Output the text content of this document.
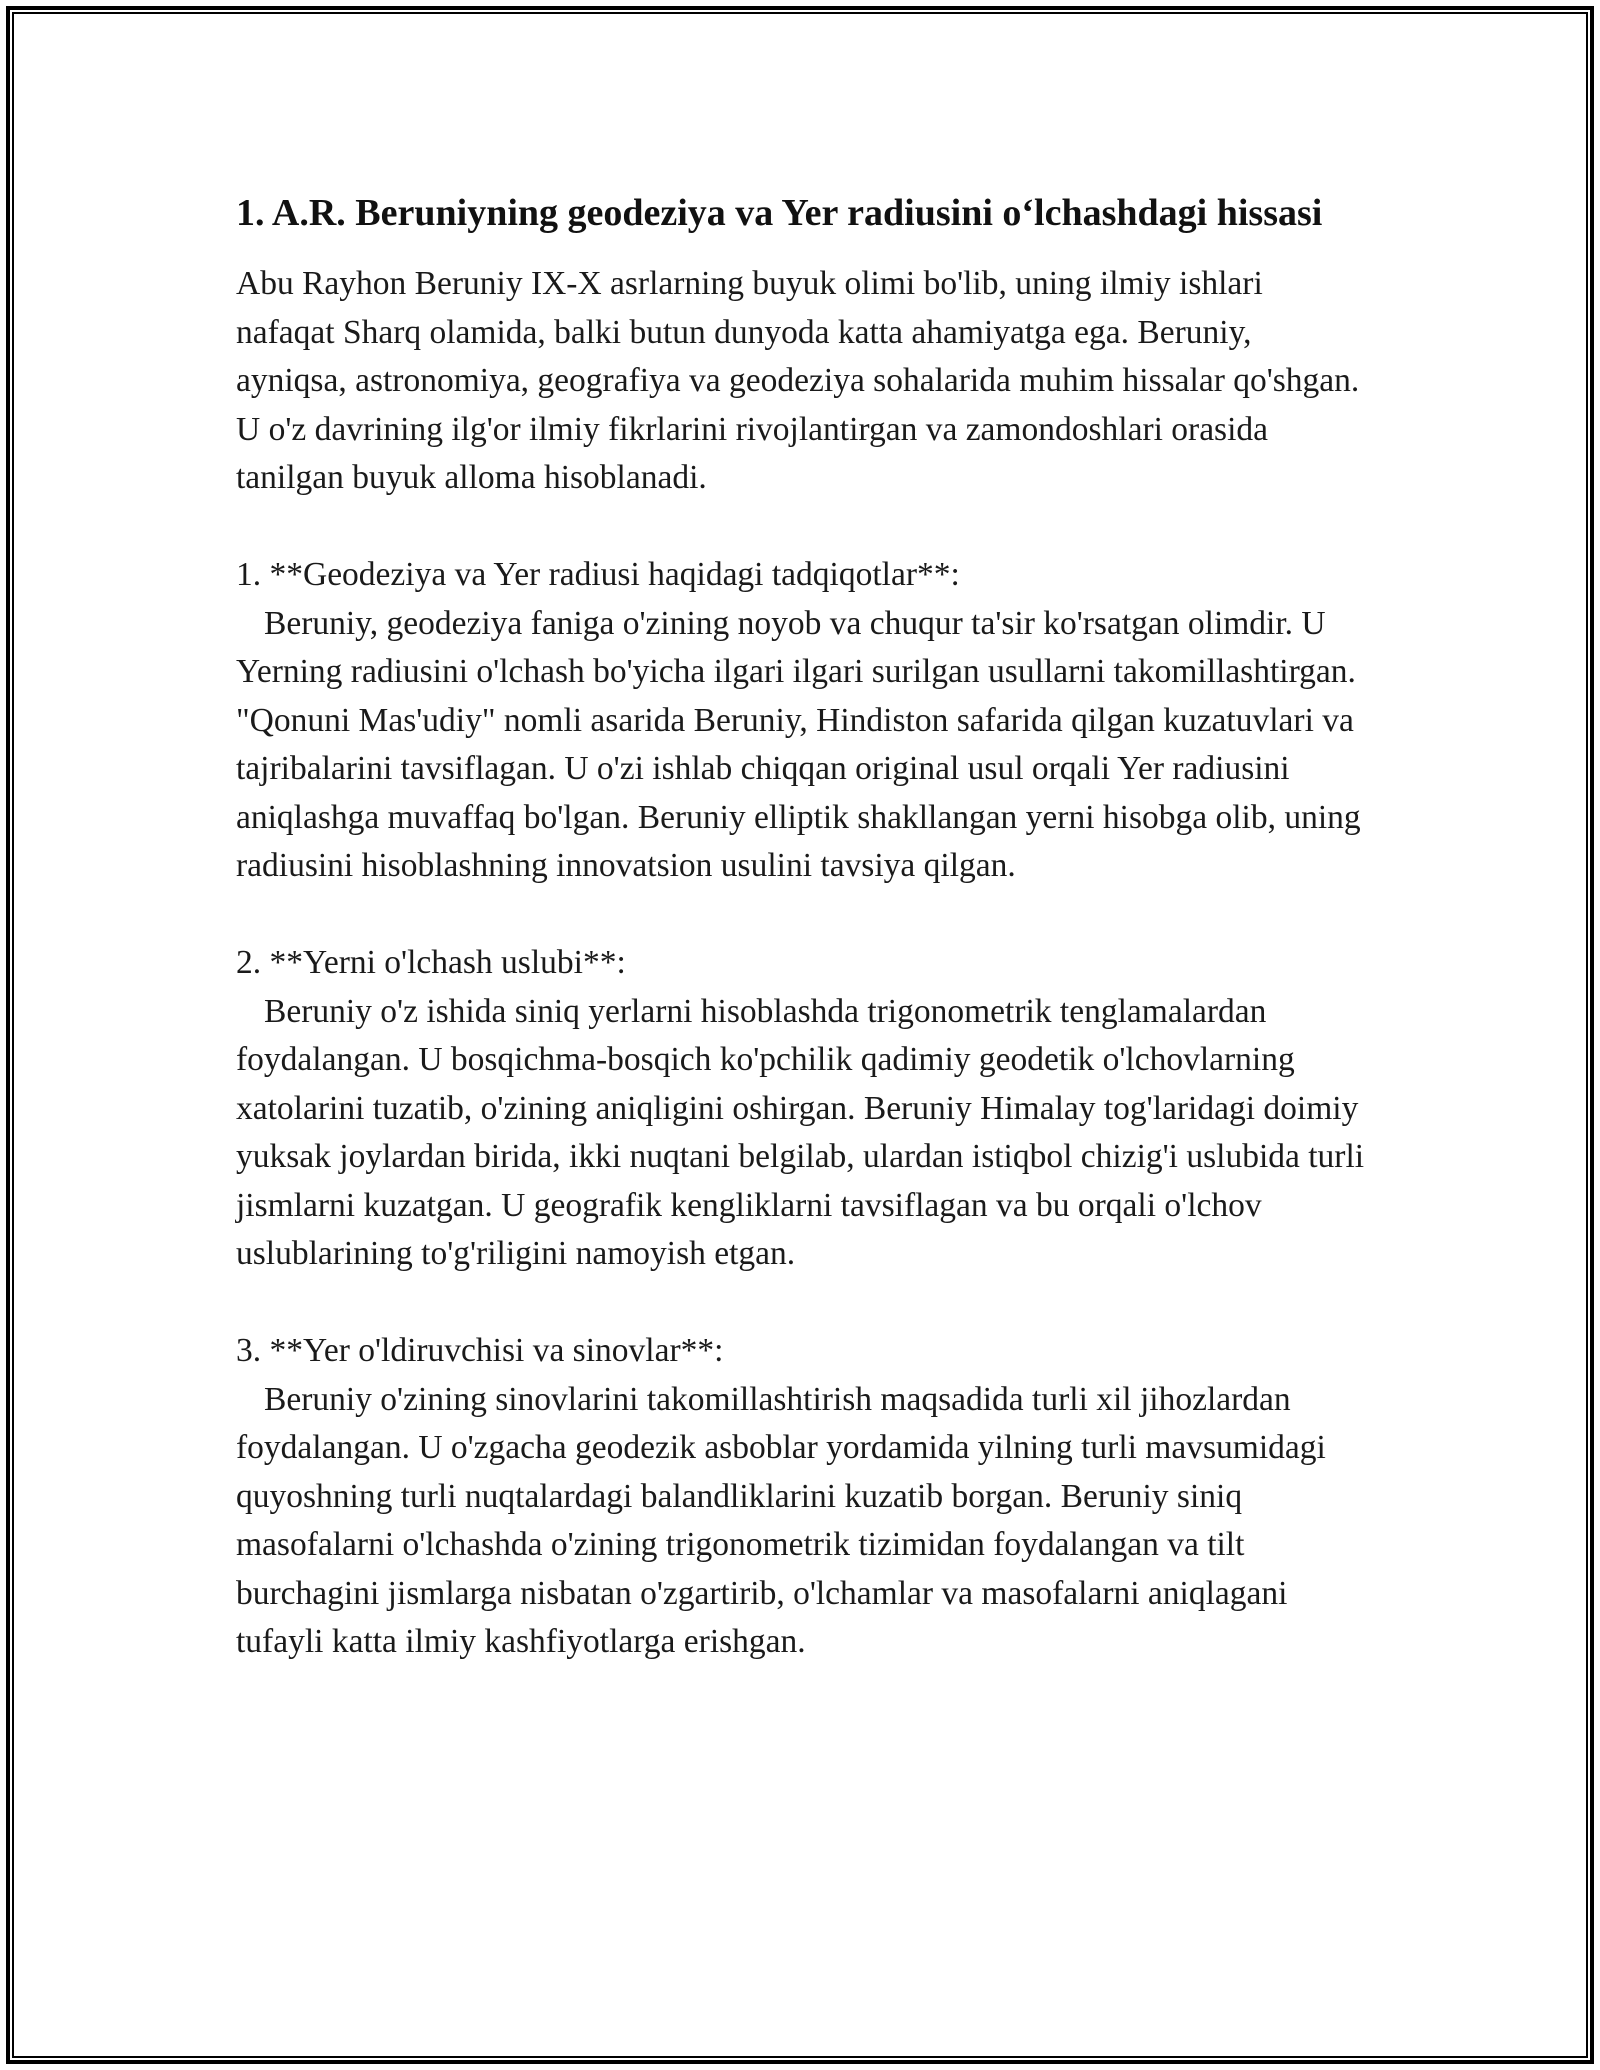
1. A.R. Beruniyning geodeziya va Yer radiusini o‘lchashdagi hissasi

Abu Rayhon Beruniy IX-X asrlarning buyuk olimi bo'lib, uning ilmiy ishlari nafaqat Sharq olamida, balki butun dunyoda katta ahamiyatga ega. Beruniy, ayniqsa, astronomiya, geografiya va geodeziya sohalarida muhim hissalar qo'shgan. U o'z davrining ilg'or ilmiy fikrlarini rivojlantirgan va zamondoshlari orasida tanilgan buyuk alloma hisoblanadi.

1. **Geodeziya va Yer radiusi haqidagi tadqiqotlar**:

Beruniy, geodeziya faniga o'zining noyob va chuqur ta'sir ko'rsatgan olimdir. U Yerning radiusini o'lchash bo'yicha ilgari ilgari surilgan usullarni takomillashtirgan. "Qonuni Mas'udiy" nomli asarida Beruniy, Hindiston safarida qilgan kuzatuvlari va tajribalarini tavsiflagan. U o'zi ishlab chiqqan original usul orqali Yer radiusini aniqlashga muvaffaq bo'lgan. Beruniy elliptik shakllangan yerni hisobga olib, uning radiusini hisoblashning innovatsion usulini tavsiya qilgan.

2. **Yerni o'lchash uslubi**:

Beruniy o'z ishida siniq yerlarni hisoblashda trigonometrik tenglamalardan foydalangan. U bosqichma-bosqich ko'pchilik qadimiy geodetik o'lchovlarning xatolarini tuzatib, o'zining aniqligini oshirgan. Beruniy Himalay tog'laridagi doimiy yuksak joylardan birida, ikki nuqtani belgilab, ulardan istiqbol chizig'i uslubida turli jismlarni kuzatgan. U geografik kengliklarni tavsiflagan va bu orqali o'lchov uslublarining to'g'riligini namoyish etgan.

3. **Yer o'ldiruvchisi va sinovlar**:

Beruniy o'zining sinovlarini takomillashtirish maqsadida turli xil jihozlardan foydalangan. U o'zgacha geodezik asboblar yordamida yilning turli mavsumidagi quyoshning turli nuqtalardagi balandliklarini kuzatib borgan. Beruniy siniq masofalarni o'lchashda o'zining trigonometrik tizimidan foydalangan va tilt burchagini jismlarga nisbatan o'zgartirib, o'lchamlar va masofalarni aniqlagani tufayli katta ilmiy kashfiyotlarga erishgan.
